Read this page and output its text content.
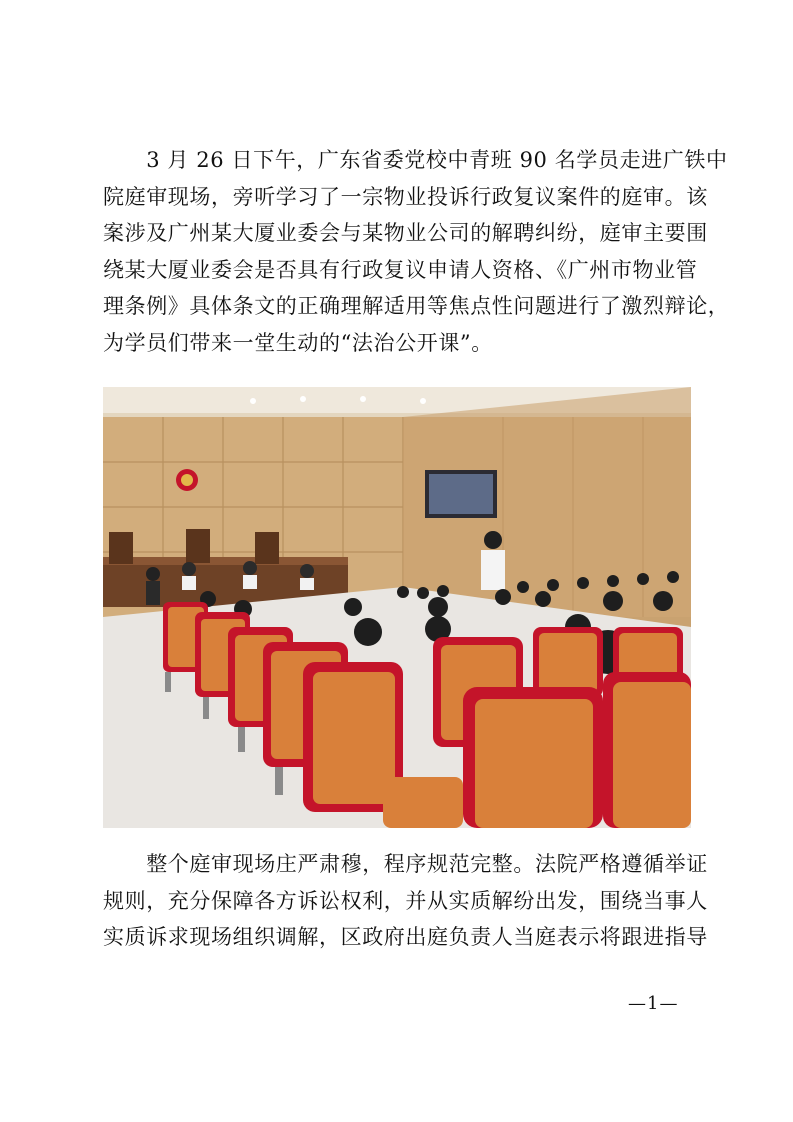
　　3 月 26 日下午，广东省委党校中青班 90 名学员走进广铁中
院庭审现场，旁听学习了一宗物业投诉行政复议案件的庭审。该
案涉及广州某大厦业委会与某物业公司的解聘纠纷，庭审主要围
绕某大厦业委会是否具有行政复议申请人资格、《广州市物业管
理条例》具体条文的正确理解适用等焦点性问题进行了激烈辩论，
为学员们带来一堂生动的“法治公开课”。

　　整个庭审现场庄严肃穆，程序规范完整。法院严格遵循举证
规则，充分保障各方诉讼权利，并从实质解纷出发，围绕当事人
实质诉求现场组织调解，区政府出庭负责人当庭表示将跟进指导

—1—
